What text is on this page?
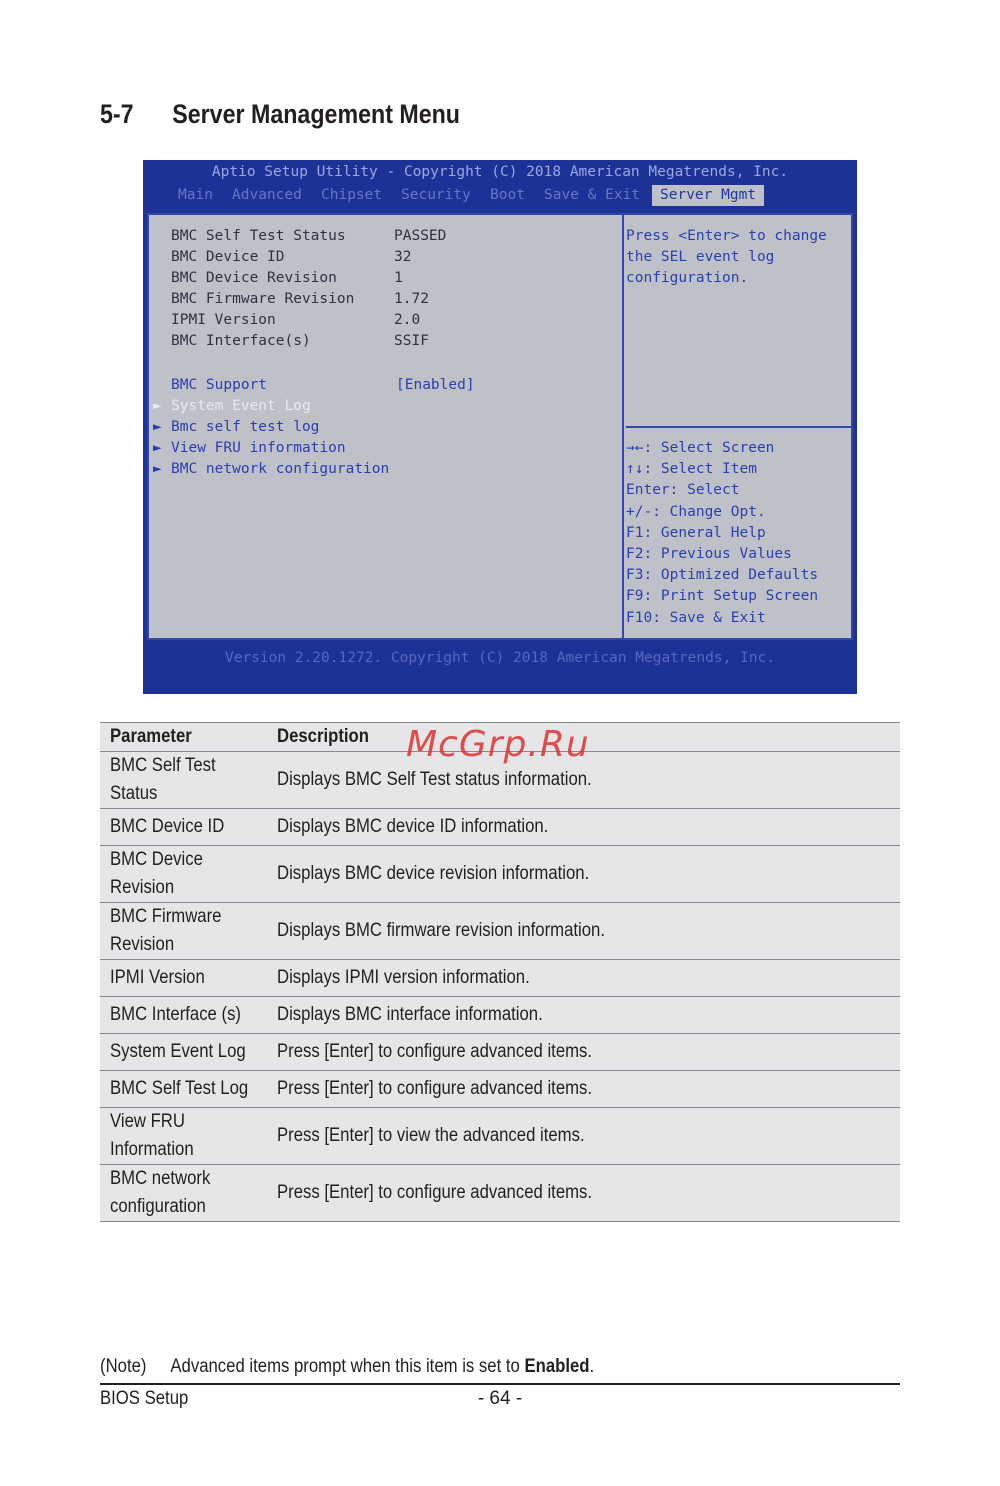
5-7 Server Management Menu
Aptio Setup Utility - Copyright (C) 2018 American Megatrends, Inc.
Main Advanced Chipset Security Boot Save & Exit	Server Mgmt
BMC Self Test Status	PASSED
BMC Device ID	32
BMC Device Revision	1
BMC Firmware Revision	1.72
IPMI Version	2.0
BMC Interface(s)	SSIF
BMC Support	[Enabled]
► System Event Log
► Bmc self test log
► View FRU information
► BMC network configuration
Press <Enter> to change
the SEL event log
configuration.
→←: Select Screen
↑↓: Select Item
Enter: Select
+/-: Change Opt.
F1: General Help
F2: Previous Values
F3: Optimized Defaults
F9: Print Setup Screen
F10: Save & Exit
Version 2.20.1272. Copyright (C) 2018 American Megatrends, Inc.
Parameter	Description
BMC Self Test
Status	Displays BMC Self Test status information.
BMC Device ID	Displays BMC device ID information.
BMC Device
Revision	Displays BMC device revision information.
BMC Firmware
Revision	Displays BMC firmware revision information.
IPMI Version	Displays IPMI version information.
BMC Interface (s)	Displays BMC interface information.
System Event Log	Press [Enter] to configure advanced items.
BMC Self Test Log	Press [Enter] to configure advanced items.
View FRU
Information	Press [Enter] to view the advanced items.
BMC network
configuration	Press [Enter] to configure advanced items.
McGrp.Ru
(Note) Advanced items prompt when this item is set to Enabled.
BIOS Setup	- 64 -
